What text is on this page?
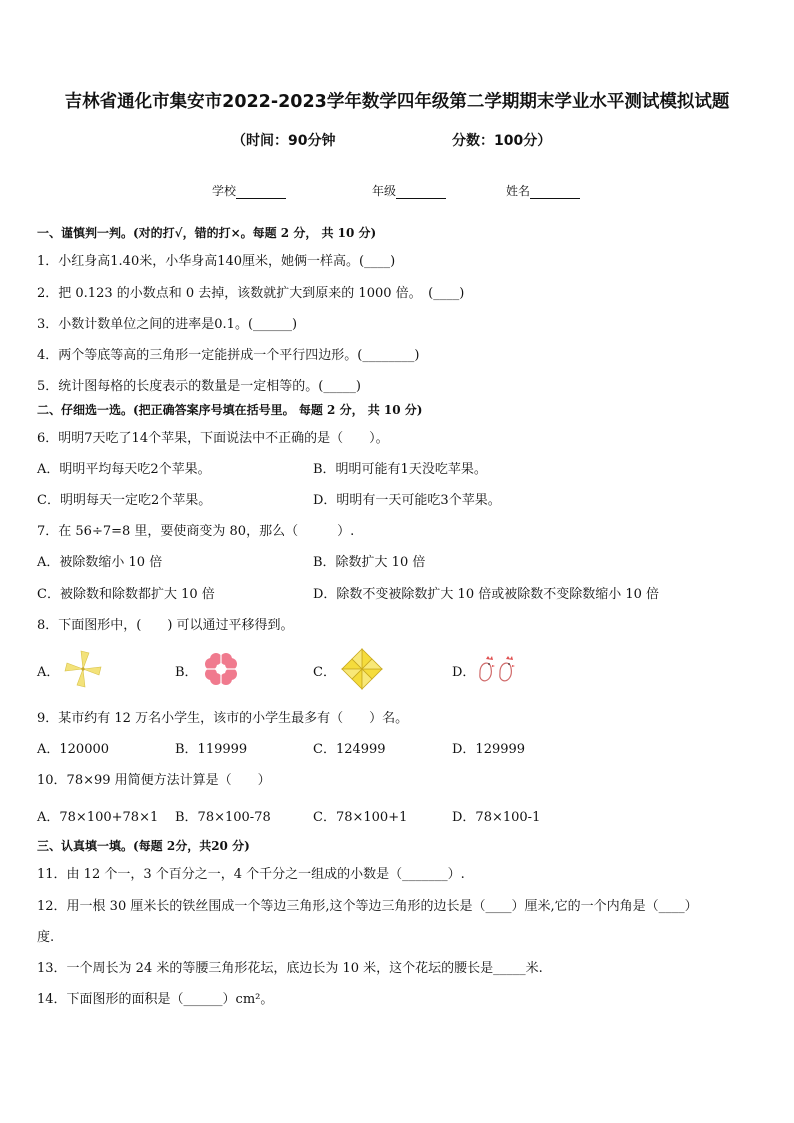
吉林省通化市集安市2022-2023学年数学四年级第二学期期末学业水平测试模拟试题
（时间：90分钟	分数：100分）
学校	年级	姓名
一、谨慎判一判。(对的打√，错的打×。每题 2 分， 共 10 分)
1．小红身高1.40米，小华身高140厘米，她俩一样高。(____)
2．把 0.123 的小数点和 0 去掉，该数就扩大到原来的 1000 倍。　(____)
3．小数计数单位之间的进率是0.1。(______)
4．两个等底等高的三角形一定能拼成一个平行四边形。(________)
5．统计图每格的长度表示的数量是一定相等的。(_____)
二、仔细选一选。(把正确答案序号填在括号里。 每题 2 分， 共 10 分)
6．明明7天吃了14个苹果，下面说法中不正确的是（　　）。
A．明明平均每天吃2个苹果。	B．明明可能有1天没吃苹果。
C．明明每天一定吃2个苹果。	D．明明有一天可能吃3个苹果。
7．在 56÷7=8 里，要使商变为 80，那么（　　　）.
A．被除数缩小 10 倍	B．除数扩大 10 倍
C．被除数和除数都扩大 10 倍	D．除数不变被除数扩大 10 倍或被除数不变除数缩小 10 倍
8．下面图形中，(　　) 可以通过平移得到。
A．	B．	C．	D．
9．某市约有 12 万名小学生，该市的小学生最多有（　　）名。
A．120000	B．119999	C．124999	D．129999
10．78×99 用简便方法计算是（　　）
A．78×100+78×1 B．78×100-78	C．78×100+1	D．78×100-1
三、认真填一填。(每题 2分，共20 分)
11．由 12 个一，3 个百分之一，4 个千分之一组成的小数是（_______）.
12．用一根 30 厘米长的铁丝围成一个等边三角形,这个等边三角形的边长是（____）厘米,它的一个内角是（____）
度.
13．一个周长为 24 米的等腰三角形花坛，底边长为 10 米，这个花坛的腰长是_____米.
14．下面图形的面积是（______）cm²。
